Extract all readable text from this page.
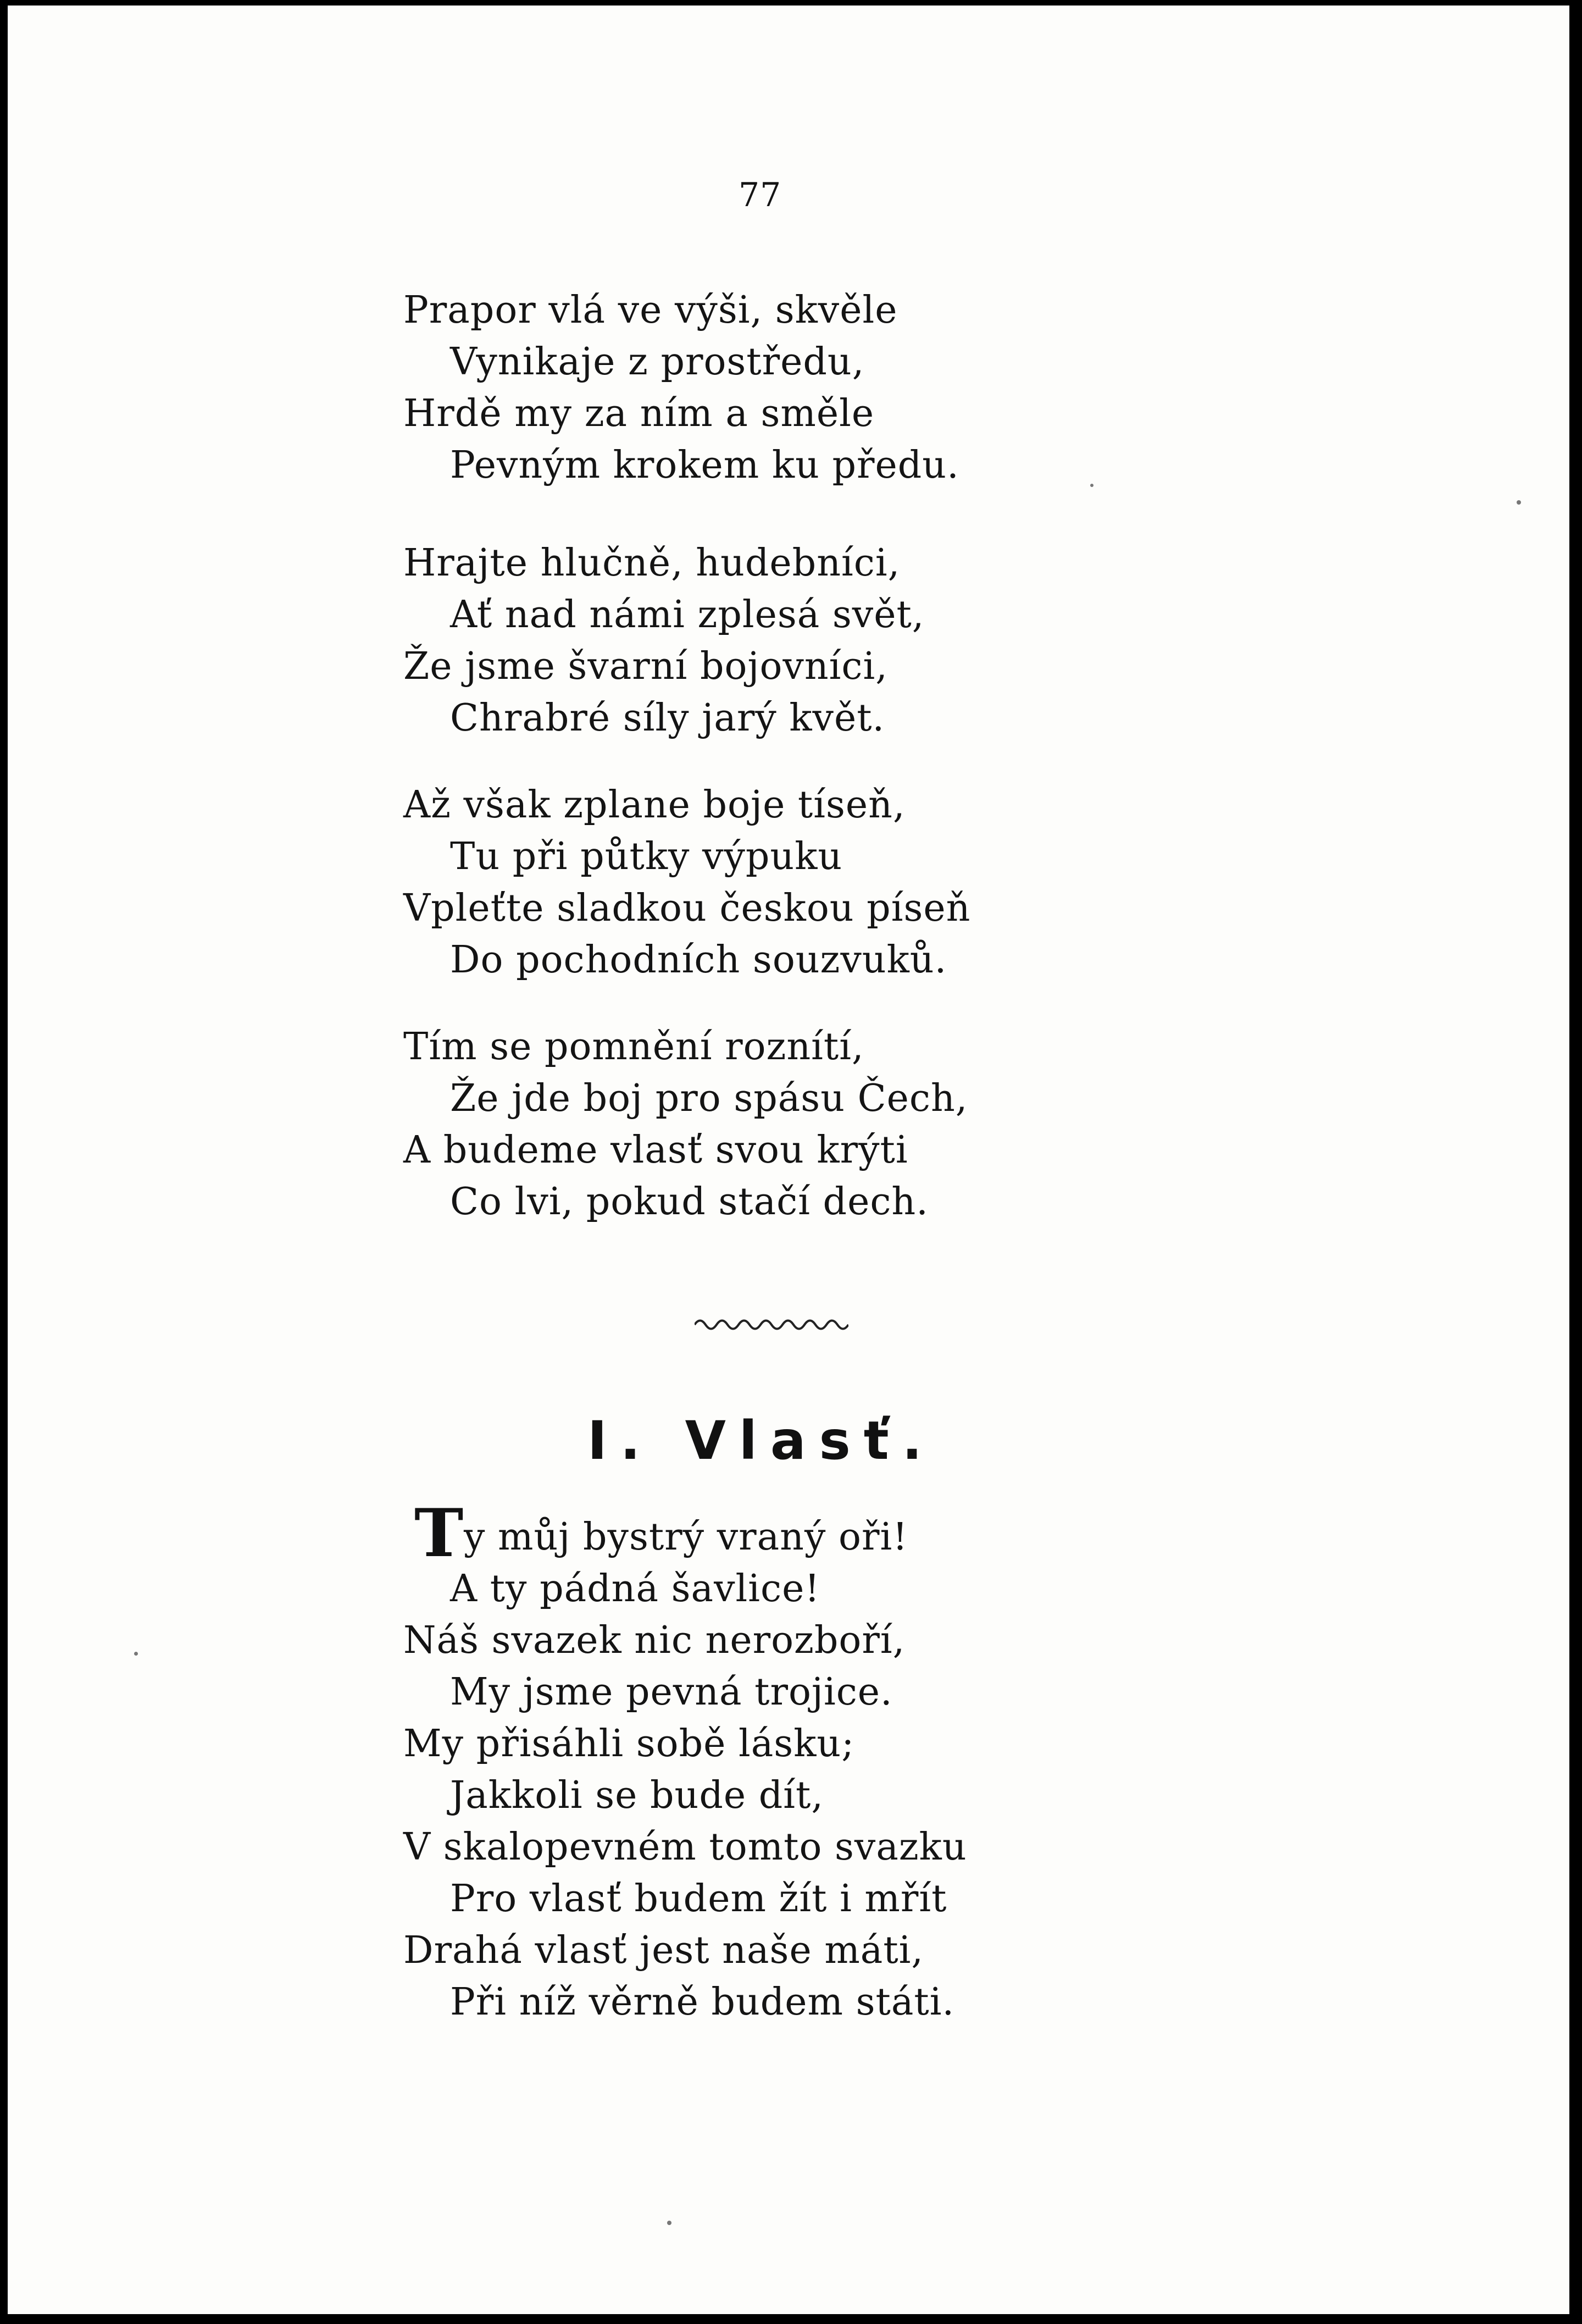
77
Prapor vlá ve výši, skvěle
Vynikaje z prostředu,
Hrdě my za ním a směle
Pevným krokem ku předu.
Hrajte hlučně, hudebníci,
Ať nad námi zplesá svět,
Že jsme švarní bojovníci,
Chrabré síly jarý květ.
Až však zplane boje tíseň,
Tu při půtky výpuku
Vpleťte sladkou českou píseň
Do pochodních souzvuků.
Tím se pomnění roznítí,
Že jde boj pro spásu Čech,
A budeme vlasť svou krýti
Co lvi, pokud stačí dech.
I. Vlasť.
T y můj bystrý vraný oři!
A ty pádná šavlice!
Náš svazek nic nerozboří,
My jsme pevná trojice.
My přisáhli sobě lásku;
Jakkoli se bude dít,
V skalopevném tomto svazku
Pro vlasť budem žít i mřít
Drahá vlasť jest naše máti,
Při níž věrně budem státi.
